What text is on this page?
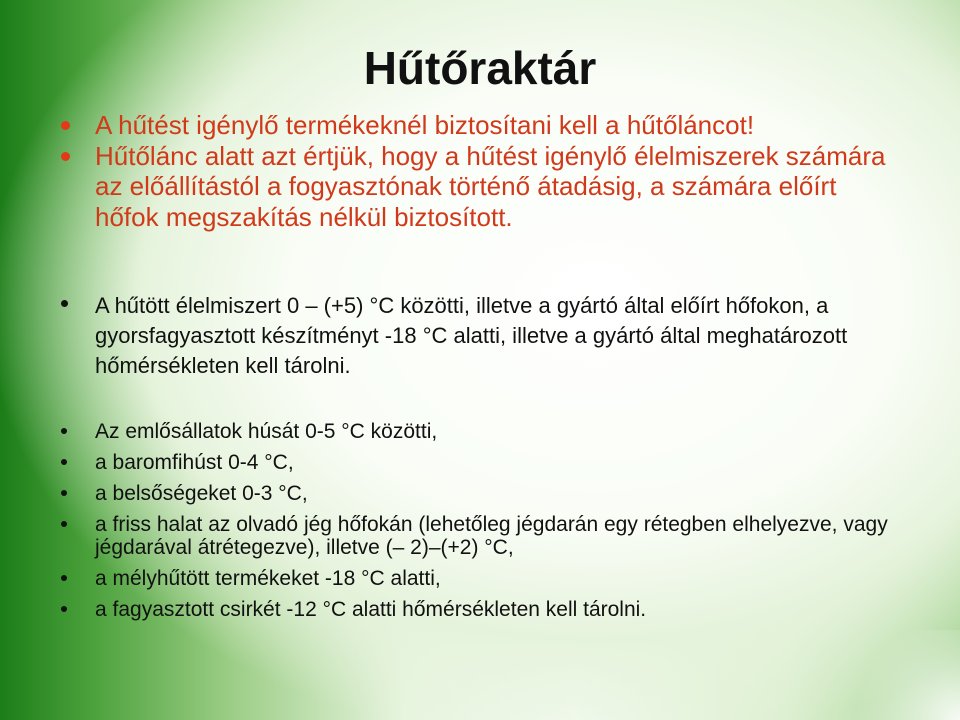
Hűtőraktár
A hűtést igénylő termékeknél biztosítani kell a hűtőláncot!
Hűtőlánc alatt azt értjük, hogy a hűtést igénylő élelmiszerek számára az előállítástól a fogyasztónak történő átadásig, a számára előírt hőfok megszakítás nélkül biztosított.
A hűtött élelmiszert 0 – (+5) °C közötti, illetve a gyártó által előírt hőfokon, a gyorsfagyasztott készítményt -18 °C alatti, illetve a gyártó által meghatározott hőmérsékleten kell tárolni.
Az emlősállatok húsát 0-5 °C közötti,
a baromfihúst 0-4 °C,
a belsőségeket 0-3 °C,
a friss halat az olvadó jég hőfokán (lehetőleg jégdarán egy rétegben elhelyezve, vagy jégdarával átrétegezve), illetve (– 2)–(+2) °C,
a mélyhűtött termékeket -18 °C alatti,
a fagyasztott csirkét -12 °C alatti hőmérsékleten kell tárolni.
